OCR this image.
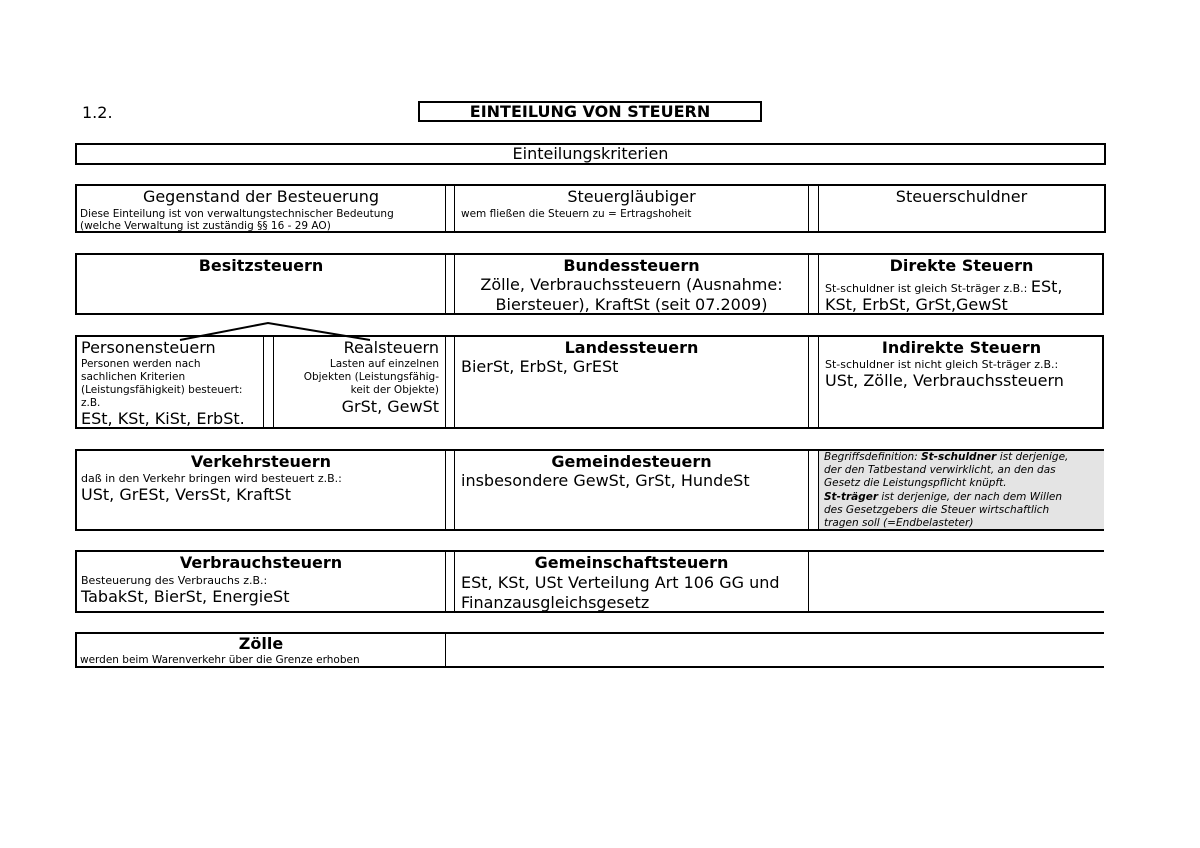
1.2.	EINTEILUNG VON STEUERN
Einteilungskriterien
Gegenstand der Besteuerung
Diese Einteilung ist von verwaltungstechnischer Bedeutung
(welche Verwaltung ist zuständig §§ 16 - 29 AO)
Steuergläubiger
wem fließen die Steuern zu = Ertragshoheit
Steuerschuldner
Besitzsteuern	Bundessteuern
Zölle, Verbrauchssteuern (Ausnahme:
Biersteuer), KraftSt (seit 07.2009)
Direkte Steuern
St-schuldner ist gleich St-träger z.B.: ESt,
KSt, ErbSt, GrSt,GewSt
Personensteuern
Personen werden nach
sachlichen Kriterien
(Leistungsfähigkeit) besteuert:
z.B.
ESt, KSt, KiSt, ErbSt.
Realsteuern
Lasten auf einzelnen
Objekten (Leistungsfähig-
keit der Objekte)
GrSt, GewSt
Landessteuern
BierSt, ErbSt, GrESt
Indirekte Steuern
St-schuldner ist nicht gleich St-träger z.B.:
USt, Zölle, Verbrauchssteuern
Verkehrsteuern
daß in den Verkehr bringen wird besteuert z.B.:
USt, GrESt, VersSt, KraftSt
Gemeindesteuern
insbesondere GewSt, GrSt, HundeSt
Begriffsdefinition: St-schuldner ist derjenige,
der den Tatbestand verwirklicht, an den das
Gesetz die Leistungspflicht knüpft.
St-träger ist derjenige, der nach dem Willen
des Gesetzgebers die Steuer wirtschaftlich
tragen soll (=Endbelasteter)
Verbrauchsteuern
Besteuerung des Verbrauchs z.B.:
TabakSt, BierSt, EnergieSt
Gemeinschaftsteuern
ESt, KSt, USt Verteilung Art 106 GG und
Finanzausgleichsgesetz
Zölle
werden beim Warenverkehr über die Grenze erhoben
